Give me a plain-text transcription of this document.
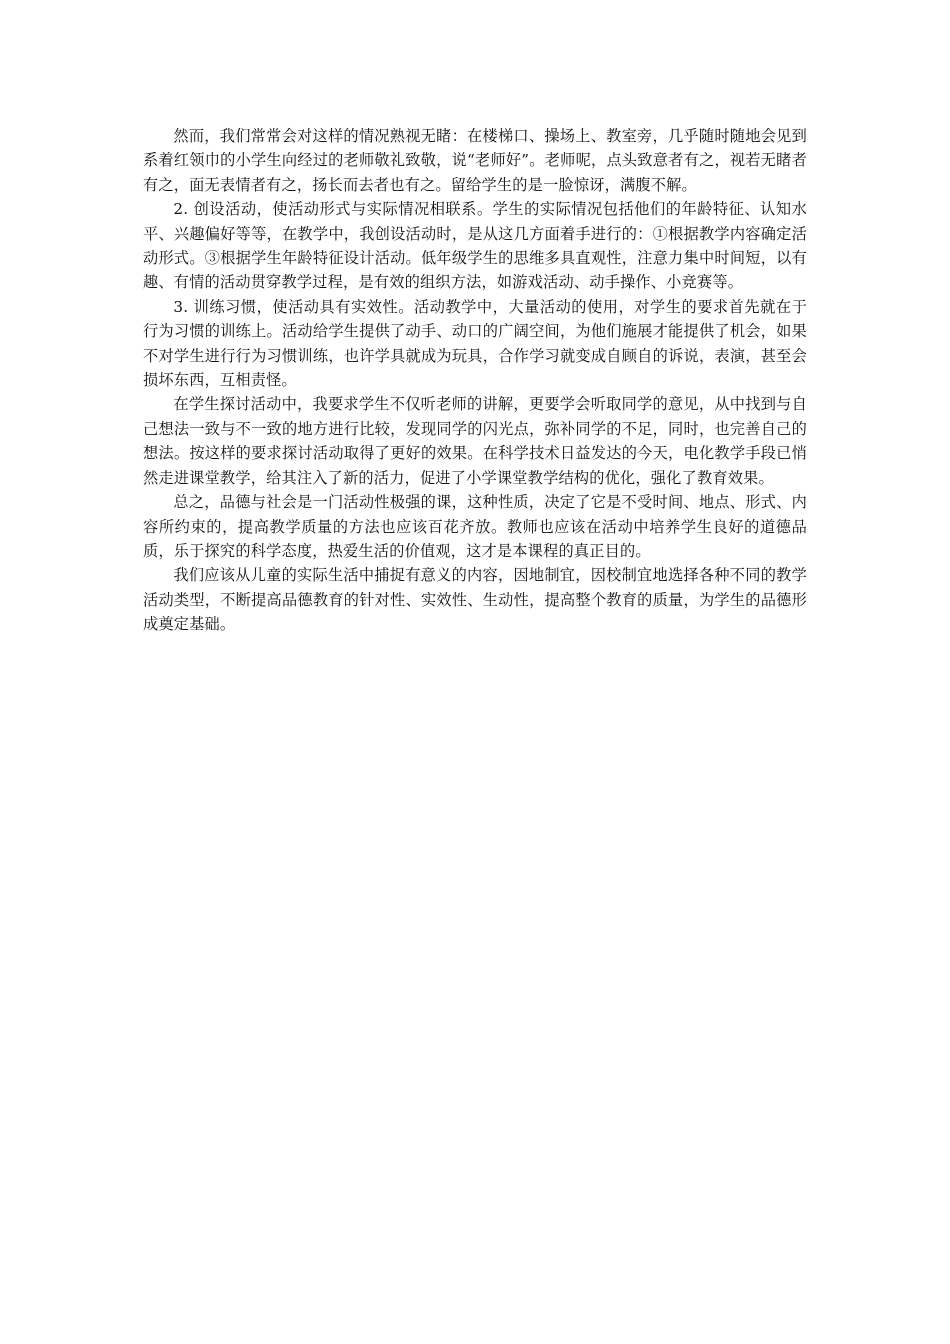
然而，我们常常会对这样的情况熟视无睹：在楼梯口、操场上、教室旁，几乎随时随地会见到系着红领巾的小学生向经过的老师敬礼致敬，说“老师好”。老师呢，点头致意者有之，视若无睹者有之，面无表情者有之，扬长而去者也有之。留给学生的是一脸惊讶，满腹不解。

2. 创设活动，使活动形式与实际情况相联系。学生的实际情况包括他们的年龄特征、认知水平、兴趣偏好等等，在教学中，我创设活动时，是从这几方面着手进行的：①根据教学内容确定活动形式。③根据学生年龄特征设计活动。低年级学生的思维多具直观性，注意力集中时间短，以有趣、有情的活动贯穿教学过程，是有效的组织方法，如游戏活动、动手操作、小竞赛等。

3. 训练习惯，使活动具有实效性。活动教学中，大量活动的使用，对学生的要求首先就在于行为习惯的训练上。活动给学生提供了动手、动口的广阔空间，为他们施展才能提供了机会，如果不对学生进行行为习惯训练，也许学具就成为玩具，合作学习就变成自顾自的诉说，表演，甚至会损坏东西，互相责怪。

在学生探讨活动中，我要求学生不仅听老师的讲解，更要学会听取同学的意见，从中找到与自己想法一致与不一致的地方进行比较，发现同学的闪光点，弥补同学的不足，同时，也完善自己的想法。按这样的要求探讨活动取得了更好的效果。在科学技术日益发达的今天，电化教学手段已悄然走进课堂教学，给其注入了新的活力，促进了小学课堂教学结构的优化，强化了教育效果。

总之，品德与社会是一门活动性极强的课，这种性质，决定了它是不受时间、地点、形式、内容所约束的，提高教学质量的方法也应该百花齐放。教师也应该在活动中培养学生良好的道德品质，乐于探究的科学态度，热爱生活的价值观，这才是本课程的真正目的。

我们应该从儿童的实际生活中捕捉有意义的内容，因地制宜，因校制宜地选择各种不同的教学活动类型，不断提高品德教育的针对性、实效性、生动性，提高整个教育的质量，为学生的品德形成奠定基础。
